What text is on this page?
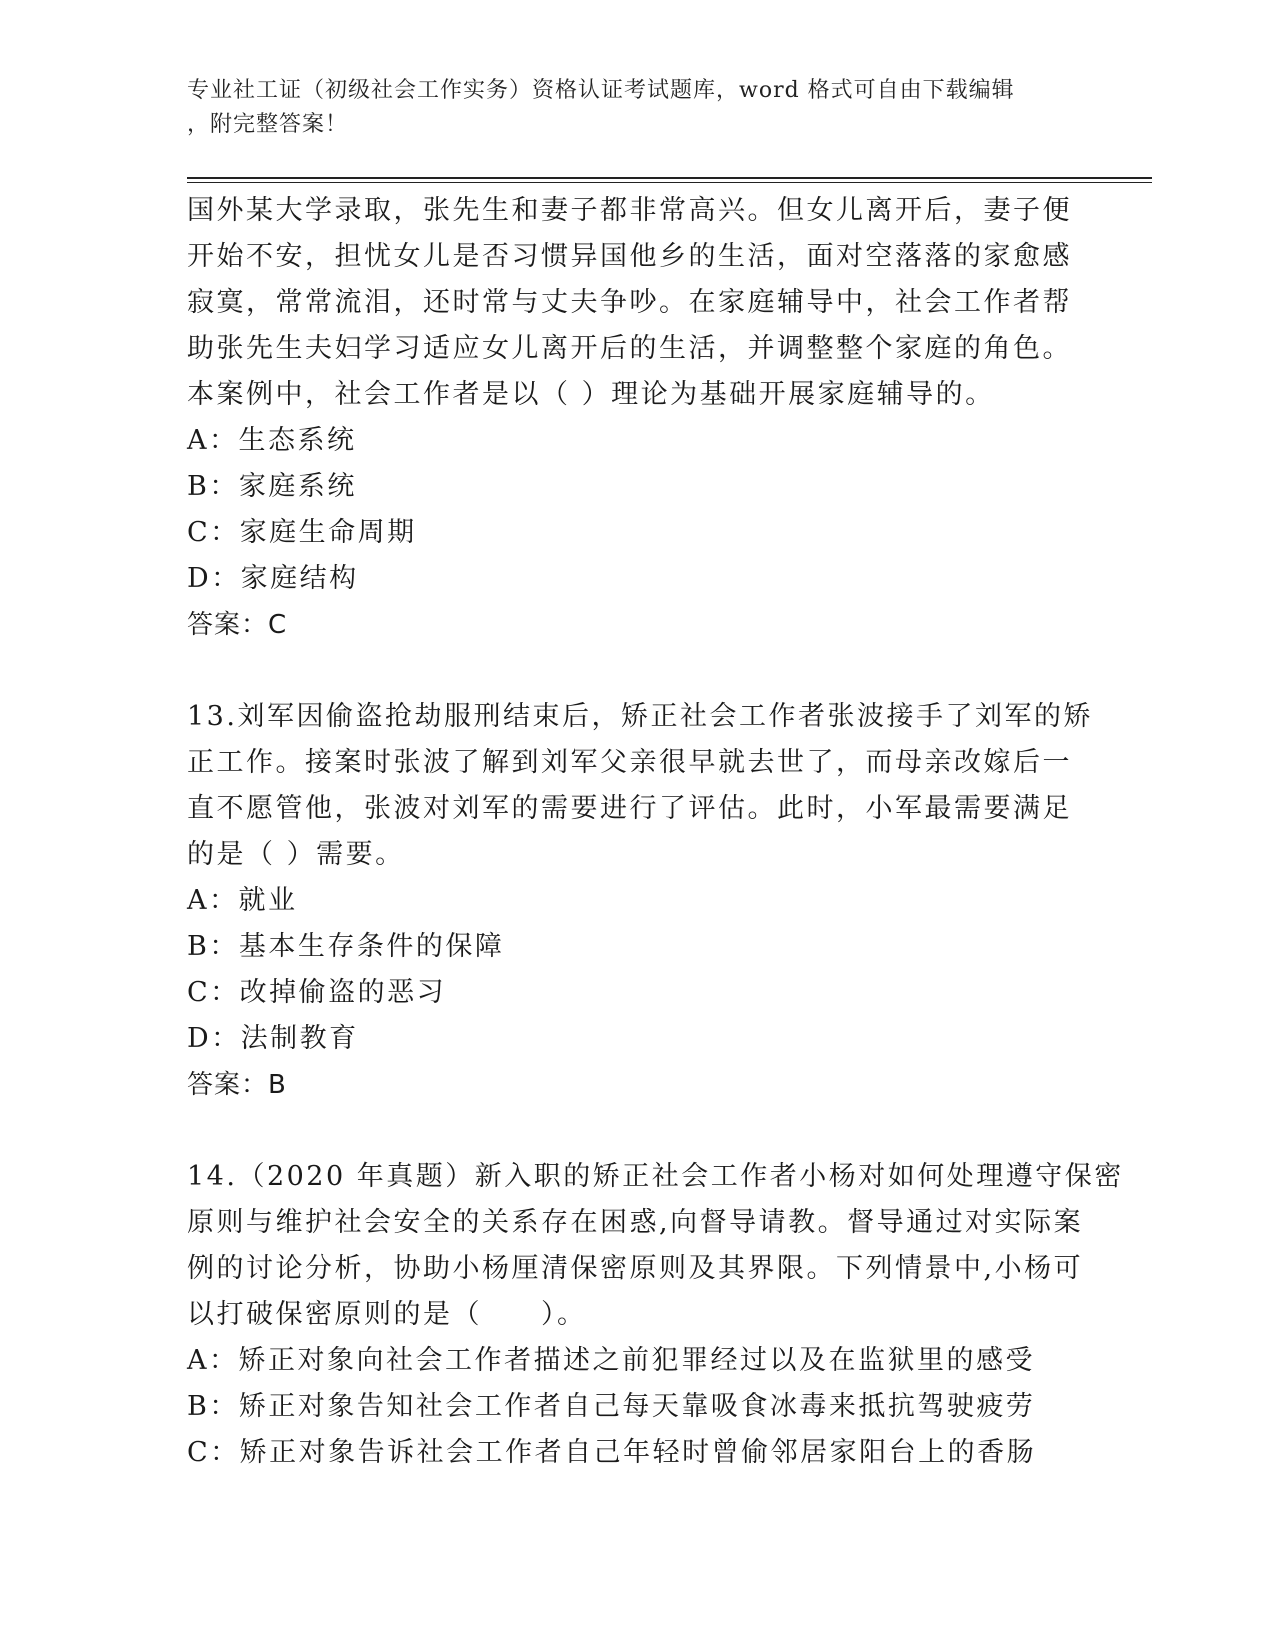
专业社工证（初级社会工作实务）资格认证考试题库，word 格式可自由下载编辑
，附完整答案！
国外某大学录取，张先生和妻子都非常高兴。但女儿离开后，妻子便
开始不安，担忧女儿是否习惯异国他乡的生活，面对空落落的家愈感
寂寞，常常流泪，还时常与丈夫争吵。在家庭辅导中，社会工作者帮
助张先生夫妇学习适应女儿离开后的生活，并调整整个家庭的角色。
本案例中，社会工作者是以（ ）理论为基础开展家庭辅导的。
A：生态系统
B：家庭系统
C：家庭生命周期
D：家庭结构
答案：C
13.刘军因偷盗抢劫服刑结束后，矫正社会工作者张波接手了刘军的矫
正工作。接案时张波了解到刘军父亲很早就去世了，而母亲改嫁后一
直不愿管他，张波对刘军的需要进行了评估。此时，小军最需要满足
的是（ ）需要。
A：就业
B：基本生存条件的保障
C：改掉偷盗的恶习
D：法制教育
答案：B
14.（2020 年真题）新入职的矫正社会工作者小杨对如何处理遵守保密
原则与维护社会安全的关系存在困惑,向督导请教。督导通过对实际案
例的讨论分析，协助小杨厘清保密原则及其界限。下列情景中,小杨可
以打破保密原则的是（　　）。
A：矫正对象向社会工作者描述之前犯罪经过以及在监狱里的感受
B：矫正对象告知社会工作者自己每天靠吸食冰毒来抵抗驾驶疲劳
C：矫正对象告诉社会工作者自己年轻时曾偷邻居家阳台上的香肠
